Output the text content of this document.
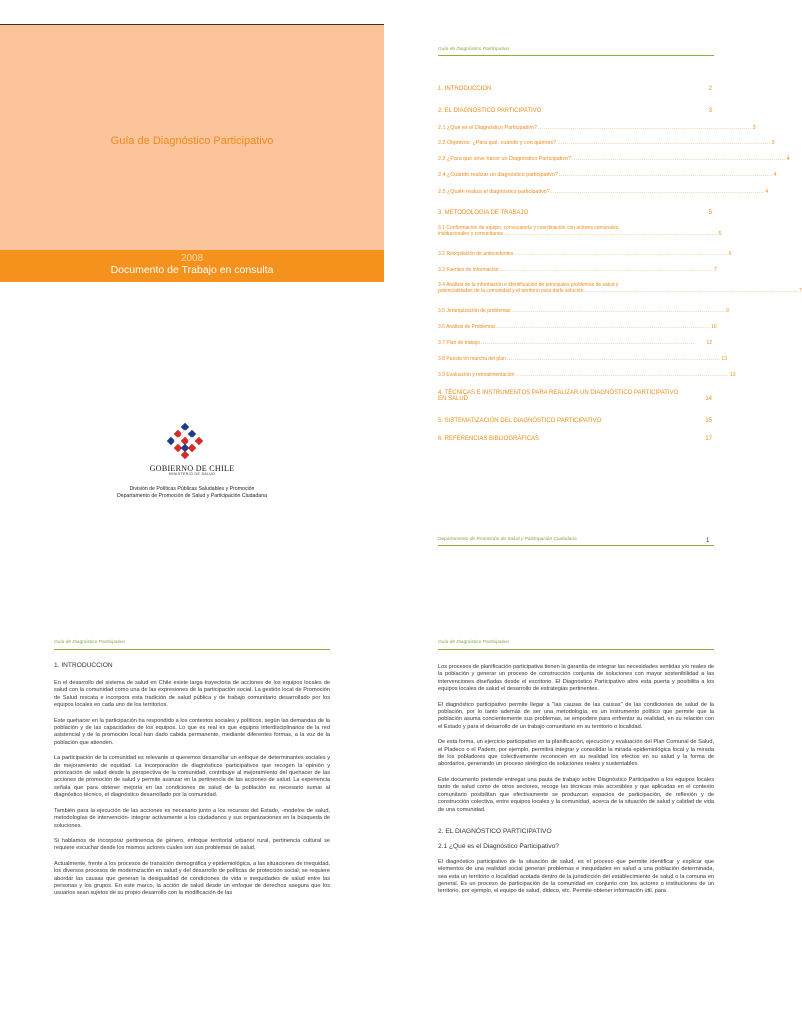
Guía de Diagnóstico Participativo
2008
Documento de Trabajo en consulta
GOBIERNO DE CHILE
MINISTERIO DE SALUD
División de Políticas Públicas Saludables y Promoción
Departamento de Promoción de Salud y Participación Ciudadana
Guía de Diagnóstico Participativo
1. INTRODUCCION	2
2. EL DIAGNÓSTICO PARTICIPATIVO	3
2.1 ¿Qué es el Diagnóstico Participativo? .............................................................................................................. 3
2.2 Objetivos: ¿Para qué, cuándo y con quiénes? .............................................................................................................. 3
2.3 ¿Para qué sirve hacer un Diagnóstico Participativo? .............................................................................................................. 4
2.4 ¿Cuándo realizar un diagnóstico participativo? .............................................................................................................. 4
2.5 ¿Quién realiza el diagnóstico participativo? .............................................................................................................. 4
3. METODOLOGIA DE TRABAJO	5
3.1 Conformación de equipo, convocatoria y coordinación con actores comunales,
institucionales y comunitarios .............................................................................................................. 5
3.2 Recopilación de antecedentes .............................................................................................................. 6
3.3 Fuentes de información .............................................................................................................. 7
3.4 Análisis de la información e identificación de principales problemas de salud y
potencialidades de la comunidad y el territorio para darle solución .............................................................................................................. 7
3.5 Jerarquización de problemas .............................................................................................................. 9
3.6 Análisis de Problemas .............................................................................................................. 10
3.7 Plan de trabajo ..............................................................................................................	12
3.8 Puesta en marcha del plan .............................................................................................................. 13
3.9 Evaluación y retroalimentación .............................................................................................................. 13
4. TÉCNICAS E INSTRUMENTOS PARA REALIZAR UN DIAGNÓSTICO PARTICIPATIVO
EN SALUD	14
5. SISTEMATIZACIÓN DEL DIAGNÓSTICO PARTICIPATIVO	15
6. REFERENCIAS BIBLIOGRÁFICAS	17
Departamento de Promoción de Salud y Participación Ciudadana	1
Guía de Diagnóstico Participativo
1. INTRODUCCION

En el desarrollo del sistema de salud en Chile existe larga trayectoria de acciones de los equipos locales de salud con la comunidad como una de las expresiones de la participación social. La gestión local de Promoción de Salud rescata e incorpora esta tradición de salud pública y de trabajo comunitario desarrollado por los equipos locales en cada uno de los territorios.

Este quehacer en la participación ha respondido a los contextos sociales y políticos, según las demandas de la población y de las capacidades de los equipos. Lo que es real es que equipos interdisciplinarios de la red asistencial y de la promoción local han dado cabida permanente, mediante diferentes formas, a la voz de la población que atienden.

La participación de la comunidad es relevante si queremos desarrollar un enfoque de determinantes sociales y de mejoramiento de equidad. La incorporación de diagnósticos participativos que recogen la opinión y priorización de salud desde la perspectiva de la comunidad, contribuye al mejoramiento del quehacer de las acciones de promoción de salud y permite avanzar en la pertinencia de las acciones de salud. La experiencia señala que para obtener mejoría en las condiciones de salud de la población es necesario sumar al diagnóstico técnico, el diagnóstico desarrollado por la comunidad.

También para la ejecución de las acciones es necesario junto a los recursos del Estado, -modelos de salud, metodologías de intervención- integrar activamente a los ciudadanos y sus organizaciones en la búsqueda de soluciones.

Si hablamos de incorporar pertinencia de género, enfoque territorial urbano/ rural, pertinencia cultural se requiere escuchar desde los mismos actores cuales son sus problemas de salud.

Actualmente, frente a los procesos de transición demográfica y epidemiológica, a las situaciones de inequidad, los diversos procesos de modernización en salud y del desarrollo de políticas de protección social; se requiere abordar las causas que generan la desigualdad de condiciones de vida e inequidades de salud entre las personas y los grupos. En este marco, la acción de salud desde un enfoque de derechos asegura que los usuarios sean sujetos de su propio desarrollo con la modificación de las

Guía de Diagnóstico Participativo

Los procesos de planificación participativa tienen la garantía de integrar las necesidades sentidas y/o reales de la población y generar un proceso de construcción conjunta de soluciones con mayor sostenibilidad a las intervenciones diseñadas desde el escritorio. El Diagnóstico Participativo abre esta puerta y posibilita a los equipos locales de salud el desarrollo de estrategias pertinentes.

El diagnóstico participativo permite llegar a "las causas de las causas" de las condiciones de salud de la población, por lo tanto además de ser una metodología, es un instrumento político que permite que la población asuma concientemente sus problemas, se empodere para enfrentar su realidad, en su relación con el Estado y para el desarrollo de un trabajo comunitario en su territorio o localidad.

De esta forma, un ejercicio participativo en la planificación, ejecución y evaluación del Plan Comunal de Salud, el Pladeco o el Padem, por ejemplo, permitirá integrar y consolidar la mirada epidemiológica local y la mirada de los pobladores que colectivamente reconocen en su realidad los efectos en su salud y la forma de abordarlos, generando un proceso sinérgico de soluciones reales y sustentables.

Este documento pretende entregar una pauta de trabajo sobre Diagnóstico Participativo a los equipos locales tanto de salud como de otros sectores, recoge las técnicas más accesibles y que aplicadas en el contexto comunitario posibilitan que efectivamente se produzcan espacios de participación, de reflexión y de construcción colectiva, entre equipos locales y la comunidad, acerca de la situación de salud y calidad de vida de una comunidad.

2. EL DIAGNÓSTICO PARTICIPATIVO

2.1 ¿Qué es el Diagnóstico Participativo?

El diagnóstico participativo de la situación de salud, es el proceso que permite identificar y explicar que elementos de una realidad social generan problemas e inequidades en salud a una población determinada, sea esta un territorio o localidad acotada dentro de la jurisdicción del establecimiento de salud o la comuna en general. Es un proceso de participación de la comunidad en conjunto con los actores o instituciones de un territorio, por ejemplo, el equipo de salud, dideco, etc. Permite obtener información útil, para
